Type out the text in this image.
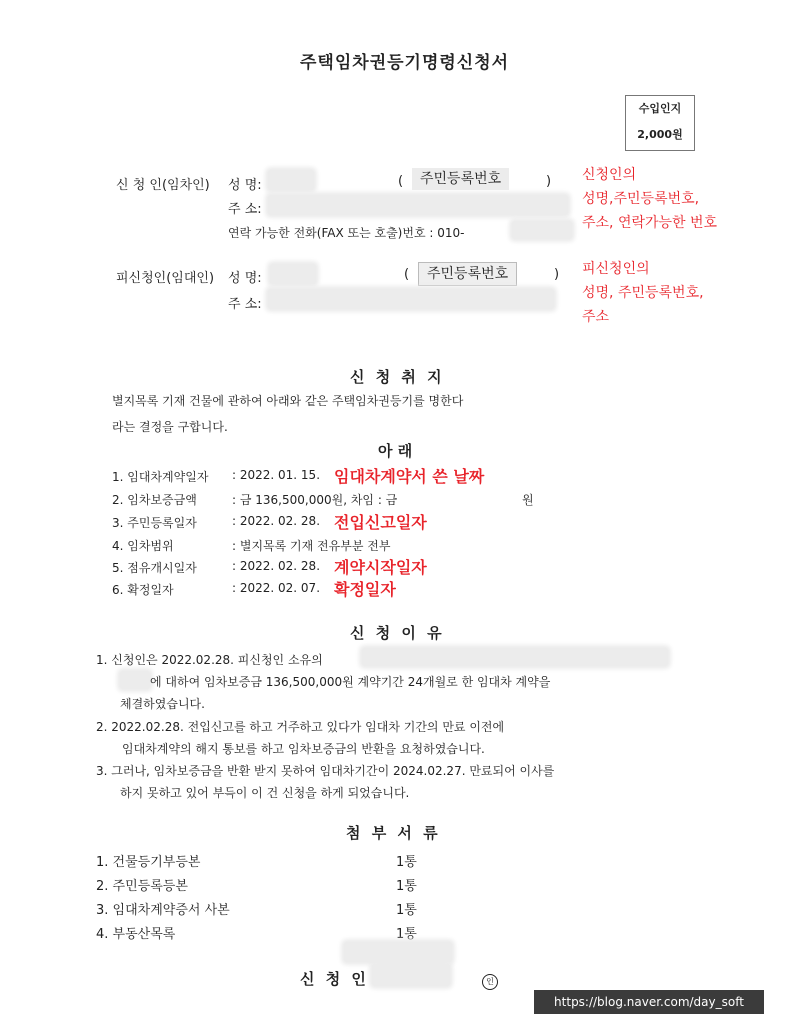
주택임차권등기명령신청서
수입인지
2,000원
신 청 인(임차인) 성 명:	(	주민등록번호	)
주 소:
연락 가능한 전화(FAX 또는 호출)번호 : 010-
신청인의
성명,주민등록번호,
주소, 연락가능한 번호
피신청인(임대인) 성 명:	(	주민등록번호	)
주 소:
피신청인의
성명, 주민등록번호,
주소
신 청 취 지
별지목록 기재 건물에 관하여 아래와 같은 주택임차권등기를 명한다
라는 결정을 구합니다.
아 래
1. 임대차계약일자 : 2022. 01. 15. 임대차계약서 쓴 날짜
2. 임차보증금액	: 금 136,500,000원, 차임 : 금	원
3. 주민등록일자	: 2022. 02. 28. 전입신고일자
4. 임차범위	: 별지목록 기재 전유부분 전부
5. 점유개시일자	: 2022. 02. 28. 계약시작일자
6. 확정일자	: 2022. 02. 07. 확정일자
신 청 이 유
1. 신청인은 2022.02.28. 피신청인 소유의
에 대하여 임차보증금 136,500,000원 계약기간 24개월로 한 임대차 계약을
체결하였습니다.
2. 2022.02.28. 전입신고를 하고 거주하고 있다가 임대차 기간의 만료 이전에
임대차계약의 해지 통보를 하고 임차보증금의 반환을 요청하였습니다.
3. 그러나, 임차보증금을 반환 받지 못하여 임대차기간이 2024.02.27. 만료되어 이사를
하지 못하고 있어 부득이 이 건 신청을 하게 되었습니다.
첨 부 서 류
1. 건물등기부등본	1통
2. 주민등록등본	1통
3. 임대차계약증서 사본	1통
4. 부동산목록	1통
신 청 인	인
https://blog.naver.com/day_soft
